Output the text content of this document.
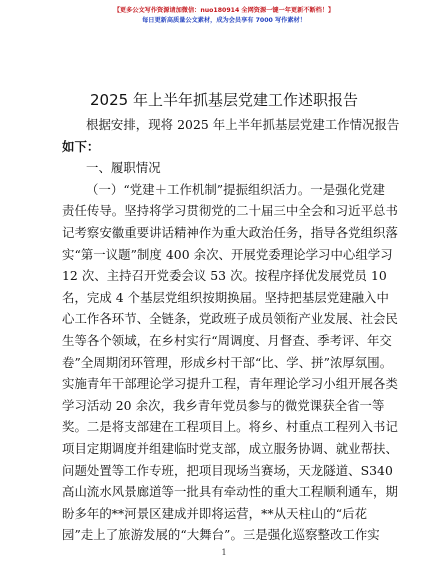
【更多公文写作资源请加微信：nuo180914 全网资源一键一年更新不断档！】
每日更新高质量公文素材，成为会员享有 7000 写作素材！
2025 年上半年抓基层党建工作述职报告
根据安排，现将 2025 年上半年抓基层党建工作情况报告
如下：
一、履职情况
（一）“党建＋工作机制”提振组织活力。一是强化党建
责任传导。坚持将学习贯彻党的二十届三中全会和习近平总书
记考察安徽重要讲话精神作为重大政治任务，指导各党组织落
实“第一议题”制度 400 余次、开展党委理论学习中心组学习
12 次、主持召开党委会议 53 次。按程序择优发展党员 10
名，完成 4 个基层党组织按期换届。坚持把基层党建融入中
心工作各环节、全链条，党政班子成员领衔产业发展、社会民
生等各个领域，在乡村实行“周调度、月督查、季考评、年交
卷”全周期闭环管理，形成乡村干部“比、学、拼”浓厚氛围。
实施青年干部理论学习提升工程，青年理论学习小组开展各类
学习活动 20 余次，我乡青年党员参与的微党课获全省一等
奖。二是将支部建在工程项目上。将乡、村重点工程列入书记
项目定期调度并组建临时党支部，成立服务协调、就业帮扶、
问题处置等工作专班，把项目现场当赛场，天龙隧道、S340
高山流水风景廊道等一批具有牵动性的重大工程顺利通车，期
盼多年的**河景区建成并即将运营，**从天柱山的“后花
园”走上了旅游发展的“大舞台”。三是强化巡察整改工作实
1
